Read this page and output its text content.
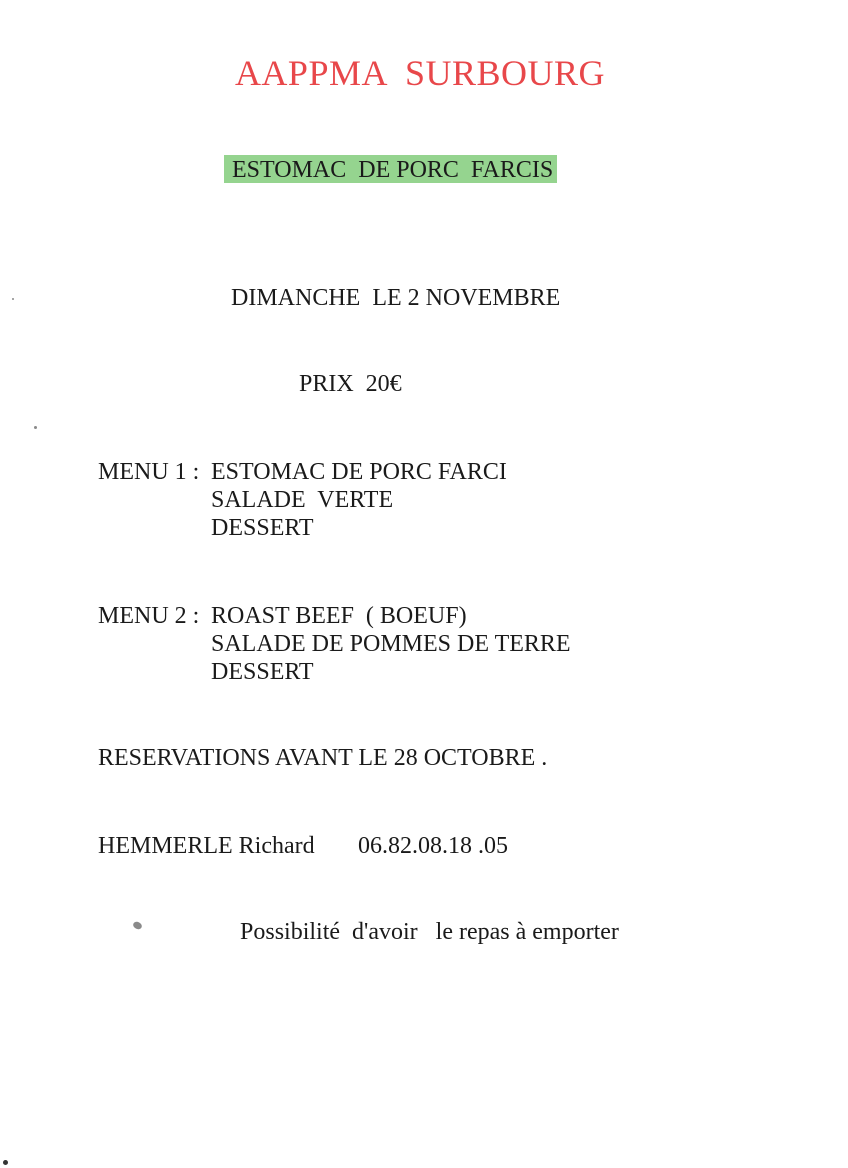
AAPPMA  SURBOURG
ESTOMAC  DE PORC  FARCIS
DIMANCHE  LE 2 NOVEMBRE
PRIX  20€
MENU 1 : ESTOMAC DE PORC FARCI
SALADE  VERTE
DESSERT
MENU 2 : ROAST BEEF  ( BOEUF)
SALADE DE POMMES DE TERRE
DESSERT
RESERVATIONS AVANT LE 28 OCTOBRE .
HEMMERLE Richard 06.82.08.18 .05
Possibilité  d'avoir   le repas à emporter
